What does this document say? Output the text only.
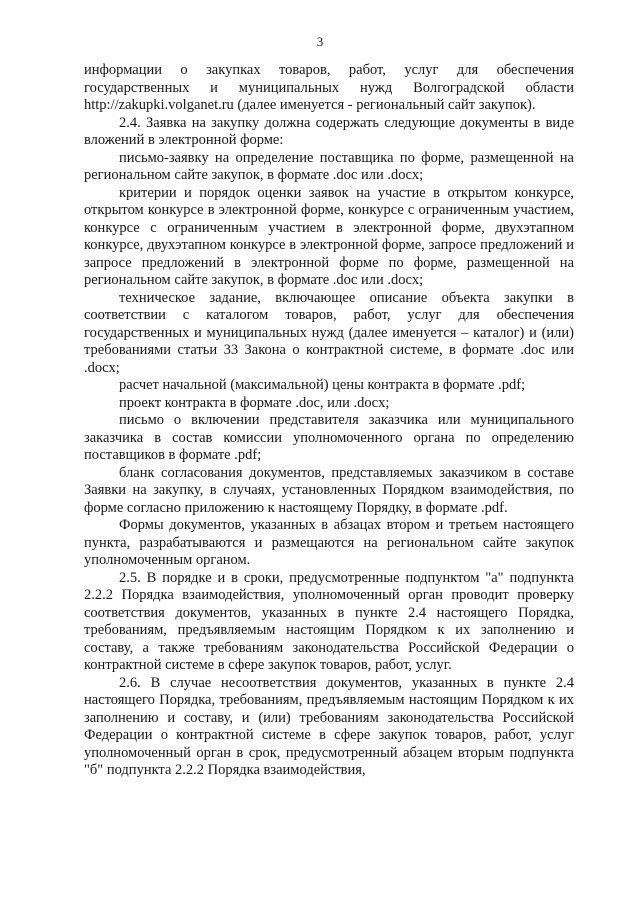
3

информации о закупках товаров, работ, услуг для обеспечения государственных и муниципальных нужд Волгоградской области http://zakupki.volganet.ru (далее именуется - региональный сайт закупок).

2.4. Заявка на закупку должна содержать следующие документы в виде вложений в электронной форме:

письмо-заявку на определение поставщика по форме, размещенной на региональном сайте закупок, в формате .doc или .docx;

критерии и порядок оценки заявок на участие в открытом конкурсе, открытом конкурсе в электронной форме, конкурсе с ограниченным участием, конкурсе с ограниченным участием в электронной форме, двухэтапном конкурсе, двухэтапном конкурсе в электронной форме, запросе предложений и запросе предложений в электронной форме по форме, размещенной на региональном сайте закупок, в формате .doc или .docx;

техническое задание, включающее описание объекта закупки в соответствии с каталогом товаров, работ, услуг для обеспечения государственных и муниципальных нужд (далее именуется – каталог) и (или) требованиями статьи 33 Закона о контрактной системе, в формате .doc или .docx;

расчет начальной (максимальной) цены контракта в формате .pdf;

проект контракта в формате .doc, или .docx;

письмо о включении представителя заказчика или муниципального заказчика в состав комиссии уполномоченного органа по определению поставщиков в формате .pdf;

бланк согласования документов, представляемых заказчиком в составе Заявки на закупку, в случаях, установленных Порядком взаимодействия, по форме согласно приложению к настоящему Порядку, в формате .pdf.

Формы документов, указанных в абзацах втором и третьем настоящего пункта, разрабатываются и размещаются на региональном сайте закупок уполномоченным органом.

2.5. В порядке и в сроки, предусмотренные подпунктом "а" подпункта 2.2.2 Порядка взаимодействия, уполномоченный орган проводит проверку соответствия документов, указанных в пункте 2.4 настоящего Порядка, требованиям, предъявляемым настоящим Порядком к их заполнению и составу, а также требованиям законодательства Российской Федерации о контрактной системе в сфере закупок товаров, работ, услуг.

2.6. В случае несоответствия документов, указанных в пункте 2.4 настоящего Порядка, требованиям, предъявляемым настоящим Порядком к их заполнению и составу, и (или) требованиям законодательства Российской Федерации о контрактной системе в сфере закупок товаров, работ, услуг уполномоченный орган в срок, предусмотренный абзацем вторым подпункта "б" подпункта 2.2.2 Порядка взаимодействия,
